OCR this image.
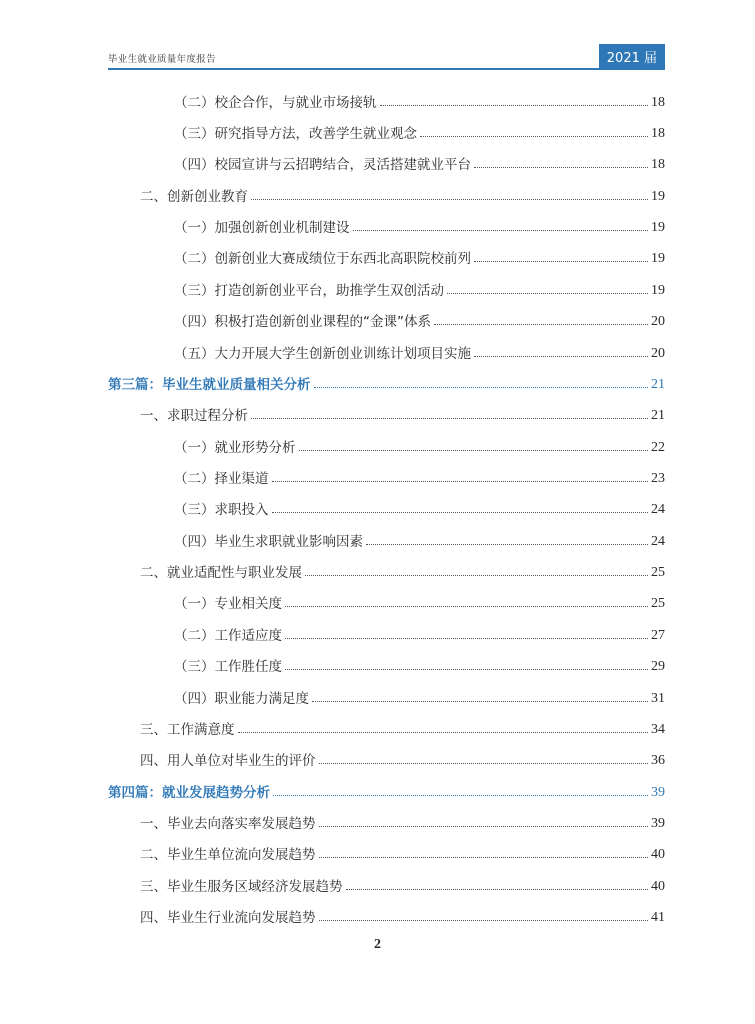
毕业生就业质量年度报告	2021 届
（二）校企合作，与就业市场接轨	18
（三）研究指导方法，改善学生就业观念	18
（四）校园宣讲与云招聘结合，灵活搭建就业平台	18
二、创新创业教育	19
（一）加强创新创业机制建设	19
（二）创新创业大赛成绩位于东西北高职院校前列	19
（三）打造创新创业平台，助推学生双创活动	19
（四）积极打造创新创业课程的“金课”体系	20
（五）大力开展大学生创新创业训练计划项目实施	20
第三篇：毕业生就业质量相关分析	21
一、求职过程分析	21
（一）就业形势分析	22
（二）择业渠道	23
（三）求职投入	24
（四）毕业生求职就业影响因素	24
二、就业适配性与职业发展	25
（一）专业相关度	25
（二）工作适应度	27
（三）工作胜任度	29
（四）职业能力满足度	31
三、工作满意度	34
四、用人单位对毕业生的评价	36
第四篇：就业发展趋势分析	39
一、毕业去向落实率发展趋势	39
二、毕业生单位流向发展趋势	40
三、毕业生服务区域经济发展趋势	40
四、毕业生行业流向发展趋势	41
2
